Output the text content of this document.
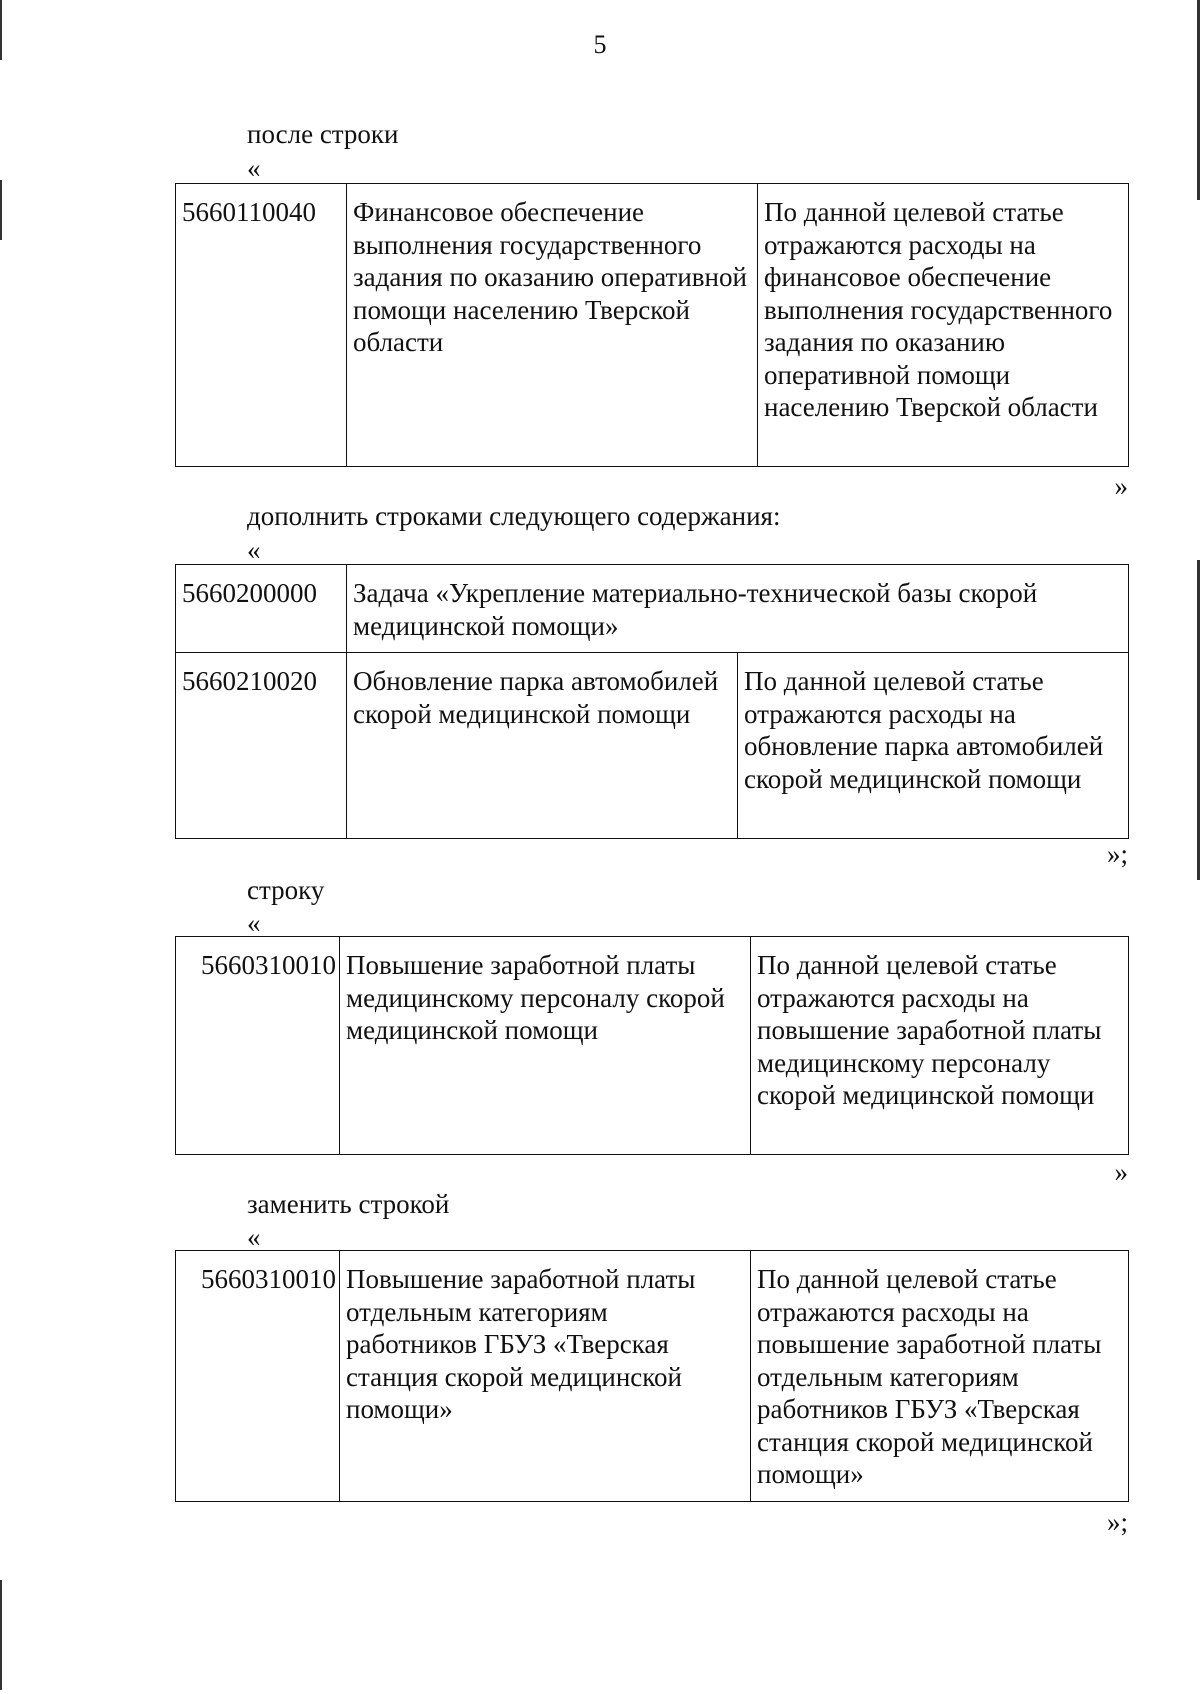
5
после строки
«
5660110040	Финансовое обеспечение выполнения государственного задания по оказанию оперативной помощи населению Тверской области	По данной целевой статье отражаются расходы на финансовое обеспечение выполнения государственного задания по оказанию оперативной помощи населению Тверской области
»
дополнить строками следующего содержания:
«
5660200000	Задача «Укрепление материально-технической базы скорой медицинской помощи»	
5660210020	Обновление парка автомобилей скорой медицинской помощи	По данной целевой статье отражаются расходы на обновление парка автомобилей скорой медицинской помощи
»;
строку
«
5660310010	Повышение заработной платы медицинскому персоналу скорой медицинской помощи	По данной целевой статье отражаются расходы на повышение заработной платы медицинскому персоналу скорой медицинской помощи
»
заменить строкой
«
5660310010	Повышение заработной платы отдельным категориям работников ГБУЗ «Тверская станция скорой медицинской помощи»	По данной целевой статье отражаются расходы на повышение заработной платы отдельным категориям работников ГБУЗ «Тверская станция скорой медицинской помощи»
»;
